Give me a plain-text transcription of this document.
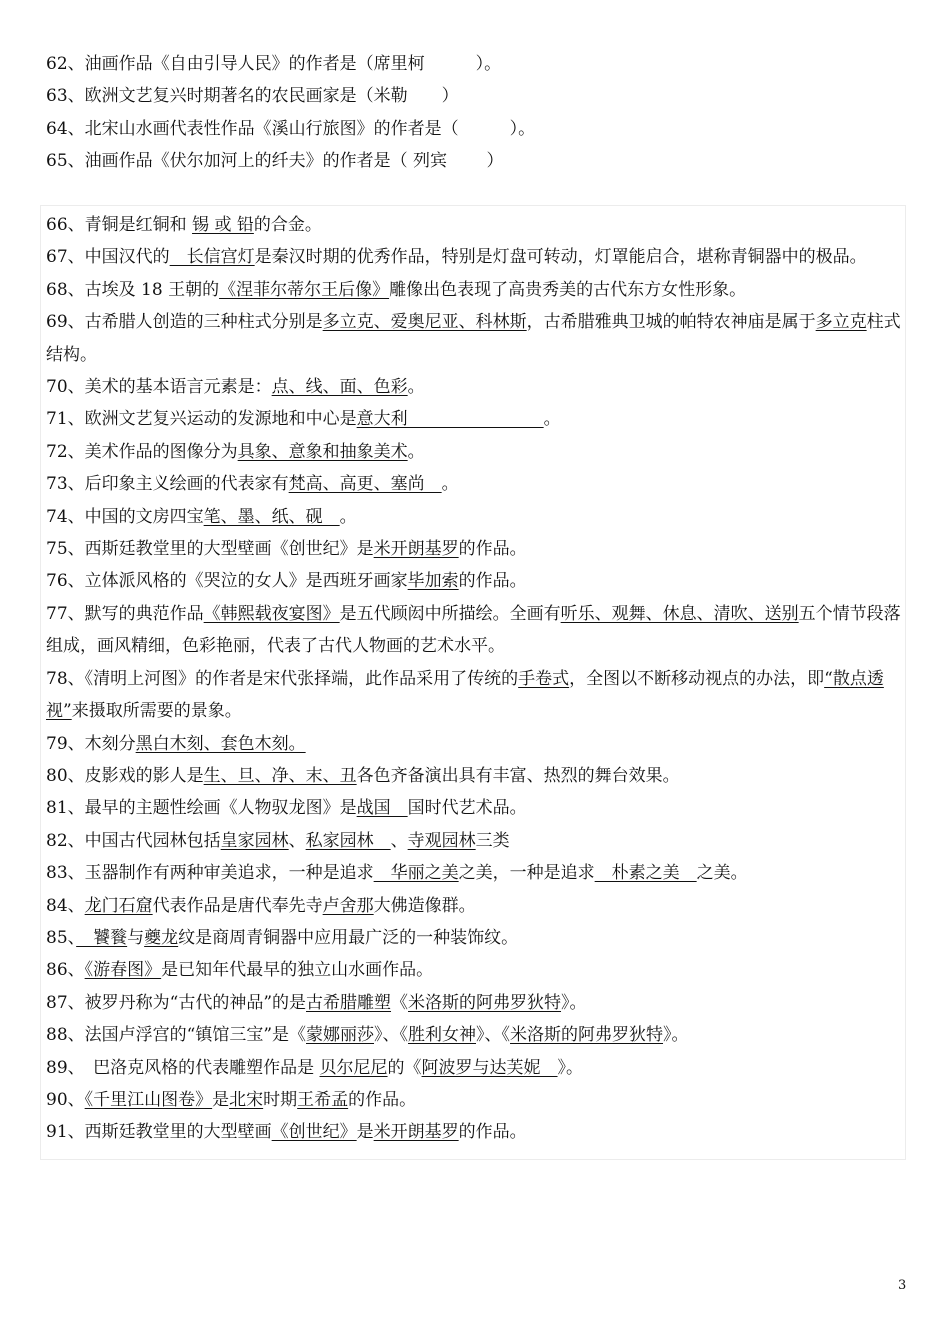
62、油画作品《自由引导人民》的作者是（席里柯　　　）。
63、欧洲文艺复兴时期著名的农民画家是（米勒　　）
64、北宋山水画代表性作品《溪山行旅图》的作者是（　　　）。
65、油画作品《伏尔加河上的纤夫》的作者是（ 列宾　　 ）
66、青铜是红铜和 锡 或 铅的合金。
67、中国汉代的　长信宫灯是秦汉时期的优秀作品，特别是灯盘可转动，灯罩能启合，堪称青铜器中的极品。
68、古埃及 18 王朝的《涅菲尔蒂尔王后像》雕像出色表现了高贵秀美的古代东方女性形象。
69、古希腊人创造的三种柱式分别是多立克、爱奥尼亚、科林斯，古希腊雅典卫城的帕特农神庙是属于多立克柱式结构。
70、美术的基本语言元素是：点、线、面、色彩。
71、欧洲文艺复兴运动的发源地和中心是意大利　　　　　　　　。
72、美术作品的图像分为具象、意象和抽象美术。
73、后印象主义绘画的代表家有梵高、高更、塞尚　。
74、中国的文房四宝笔、墨、纸、砚　。
75、西斯廷教堂里的大型壁画《创世纪》是米开朗基罗的作品。
76、立体派风格的《哭泣的女人》是西班牙画家毕加索的作品。
77、默写的典范作品《韩熙载夜宴图》是五代顾闳中所描绘。全画有听乐、观舞、休息、清吹、送别五个情节段落组成，画风精细，色彩艳丽，代表了古代人物画的艺术水平。
78、《清明上河图》的作者是宋代张择端，此作品采用了传统的手卷式，全图以不断移动视点的办法，即“散点透视”来摄取所需要的景象。
79、木刻分黑白木刻、套色木刻。
80、皮影戏的影人是生、旦、净、末、丑各色齐备演出具有丰富、热烈的舞台效果。
81、最早的主题性绘画《人物驭龙图》是战国　国时代艺术品。
82、中国古代园林包括皇家园林、私家园林　、寺观园林三类
83、玉器制作有两种审美追求，一种是追求　华丽之美之美，一种是追求　朴素之美　之美。
84、龙门石窟代表作品是唐代奉先寺卢舍那大佛造像群。
85、　饕餮与夔龙纹是商周青铜器中应用最广泛的一种装饰纹。
86、《游春图》是已知年代最早的独立山水画作品。
87、被罗丹称为“古代的神品”的是古希腊雕塑《米洛斯的阿弗罗狄特》。
88、法国卢浮宫的“镇馆三宝”是《蒙娜丽莎》、《胜利女神》、《米洛斯的阿弗罗狄特》。
89、　巴洛克风格的代表雕塑作品是 贝尔尼尼的《阿波罗与达芙妮　》。
90、《千里江山图卷》是北宋时期王希孟的作品。
91、西斯廷教堂里的大型壁画《创世纪》是米开朗基罗的作品。
3
